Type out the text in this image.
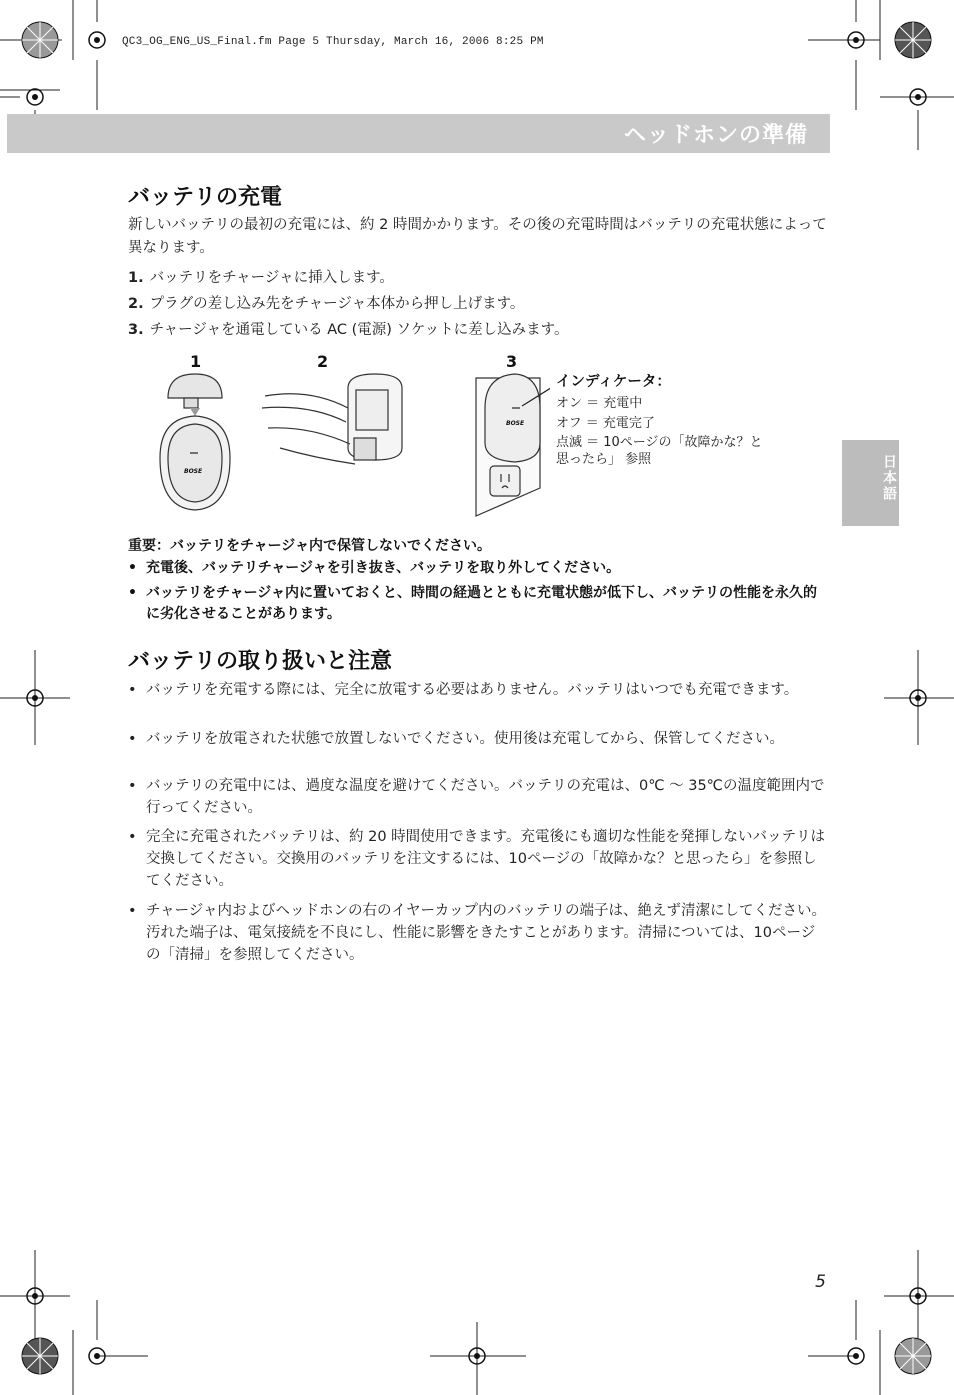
QC3_OG_ENG_US_Final.fm Page 5 Thursday, March 16, 2006 8:25 PM
ヘッドホンの準備
日本語
バッテリの充電
新しいバッテリの最初の充電には、約 2 時間かかります。その後の充電時間はバッテリの充電状態によって異なります。
1. バッテリをチャージャに挿入します。
2. プラグの差し込み先をチャージャ本体から押し上げます。
3. チャージャを通電している AC (電源) ソケットに差し込みます。
1	2	3
BOSE
BOSE
インディケータ：
オン ＝ 充電中
オフ ＝ 充電完了
点滅 ＝ 10ページの「故障かな？と
思ったら」 参照
重要：バッテリをチャージャ内で保管しないでください。
• 充電後、バッテリチャージャを引き抜き、バッテリを取り外してください。
• バッテリをチャージャ内に置いておくと、時間の経過とともに充電状態が低下し、バッテリの性能を永久的に劣化させることがあります。
バッテリの取り扱いと注意
• バッテリを充電する際には、完全に放電する必要はありません。バッテリはいつでも充電できます。
• バッテリを放電された状態で放置しないでください。使用後は充電してから、保管してください。
• バッテリの充電中には、過度な温度を避けてください。バッテリの充電は、0℃ ～ 35℃の温度範囲内で行ってください。
• 完全に充電されたバッテリは、約 20 時間使用できます。充電後にも適切な性能を発揮しないバッテリは交換してください。交換用のバッテリを注文するには、10ページの「故障かな？と思ったら」を参照してください。
• チャージャ内およびヘッドホンの右のイヤーカップ内のバッテリの端子は、絶えず清潔にしてください。汚れた端子は、電気接続を不良にし、性能に影響をきたすことがあります。清掃については、10ページの「清掃」を参照してください。
5
